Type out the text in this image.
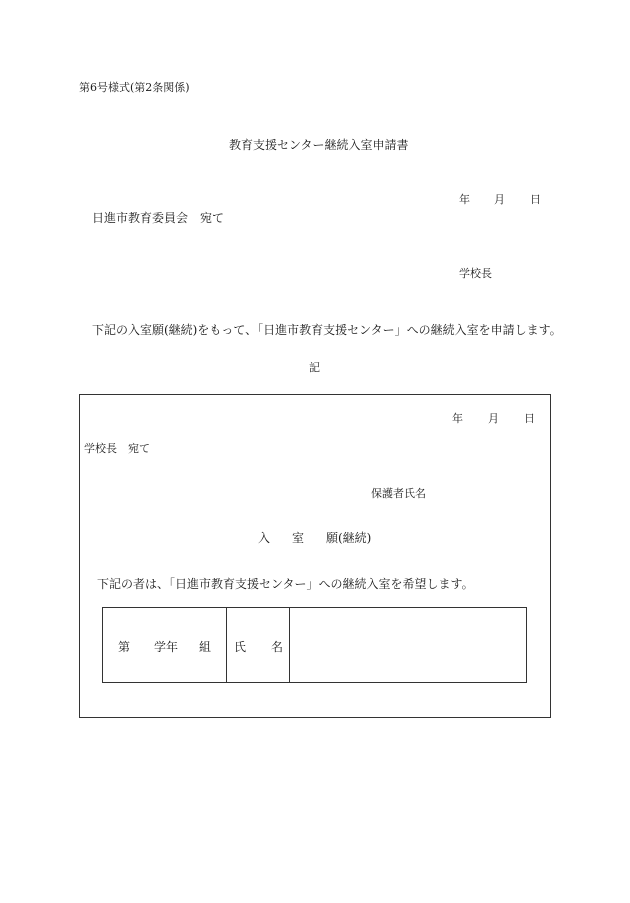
第6号様式(第2条関係)
教育支援センター継続入室申請書
年 月 日
日進市教育委員会　宛て
学校長
下記の入室願(継続)をもって、「日進市教育支援センター」への継続入室を申請します。
記
年 月 日
学校長　宛て
保護者氏名
入 室 願(継続)
下記の者は、「日進市教育支援センター」への継続入室を希望します。
第 学年 組 氏 名
